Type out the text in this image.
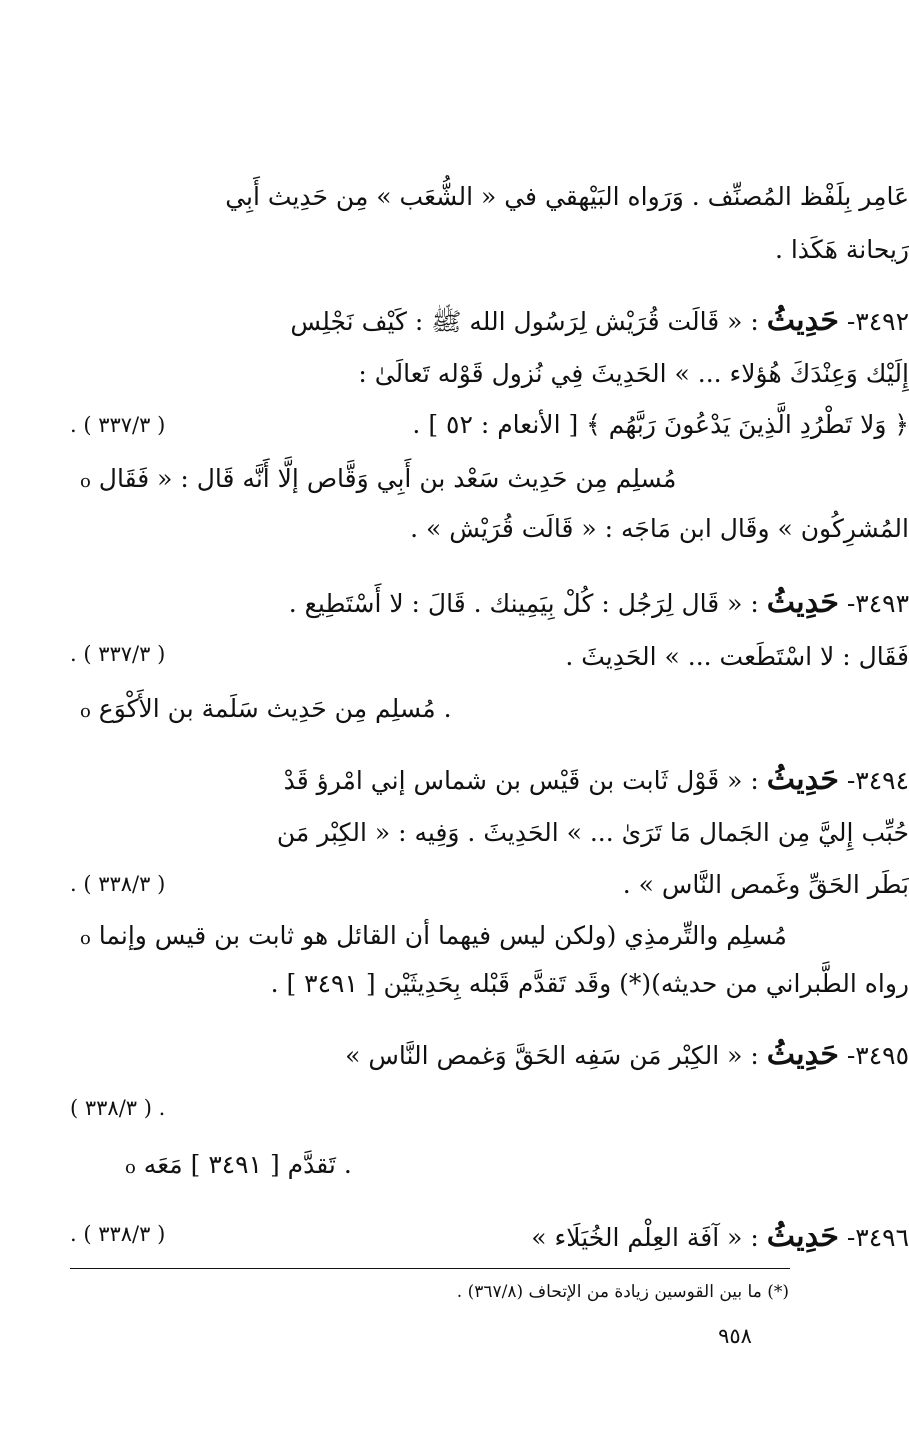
عَامِر بِلَفْظ المُصنِّف . وَرَواه البَيْهقي في « الشُّعَب » مِن حَدِيث أَبِي
رَيحانة هَكَذا .
٣٤٩٢- حَدِيثُ : « قَالَت قُرَيْش لِرَسُول الله ﷺ : كَيْف نَجْلِس
إِلَيْك وَعِنْدَكَ هُؤلاء ... » الحَدِيثَ فِي نُزول قَوْله تَعالَىٰ :
﴿ وَلا تَطْرُدِ الَّذِينَ يَدْعُونَ رَبَّهُم ﴾ [ الأنعام : ٥٢ ] .
( ٣٣٧/٣ ) .
o مُسلِم مِن حَدِيث سَعْد بن أَبِي وَقَّاص إلَّا أَنَّه قَال : « فَقَال
المُشرِكُون » وقَال ابن مَاجَه : « قَالَت قُرَيْش » .
٣٤٩٣- حَدِيثُ : « قَال لِرَجُل : كُلْ بِيَمِينك . قَالَ : لا أَسْتَطِيع .
فَقَال : لا اسْتَطَعت ... » الحَدِيثَ .
( ٣٣٧/٣ ) .
o مُسلِم مِن حَدِيث سَلَمة بن الأَكْوَع .
٣٤٩٤- حَدِيثُ : « قَوْل ثَابت بن قَيْس بن شماس إني امْرؤ قَدْ
حُبِّب إِليَّ مِن الجَمال مَا تَرَىٰ ... » الحَدِيثَ . وَفِيه : « الكِبْر مَن
بَطَر الحَقِّ وغَمص النَّاس » .
( ٣٣٨/٣ ) .
o مُسلِم والتِّرمذِي (ولكن ليس فيهما أن القائل هو ثابت بن قيس وإنما
رواه الطَّبراني من حديثه)(*) وقَد تَقدَّم قَبْله بِحَدِيثَيْن [ ٣٤٩١ ] .
٣٤٩٥- حَدِيثُ : « الكِبْر مَن سَفِه الحَقَّ وَغمص النَّاس »
. ( ٣٣٨/٣ )
o تَقدَّم [ ٣٤٩١ ] مَعَه .
٣٤٩٦- حَدِيثُ : « آفَة العِلْم الخُيَلَاء »
( ٣٣٨/٣ ) .
(*) ما بين القوسين زيادة من الإتحاف (٣٦٧/٨) .
٩٥٨
